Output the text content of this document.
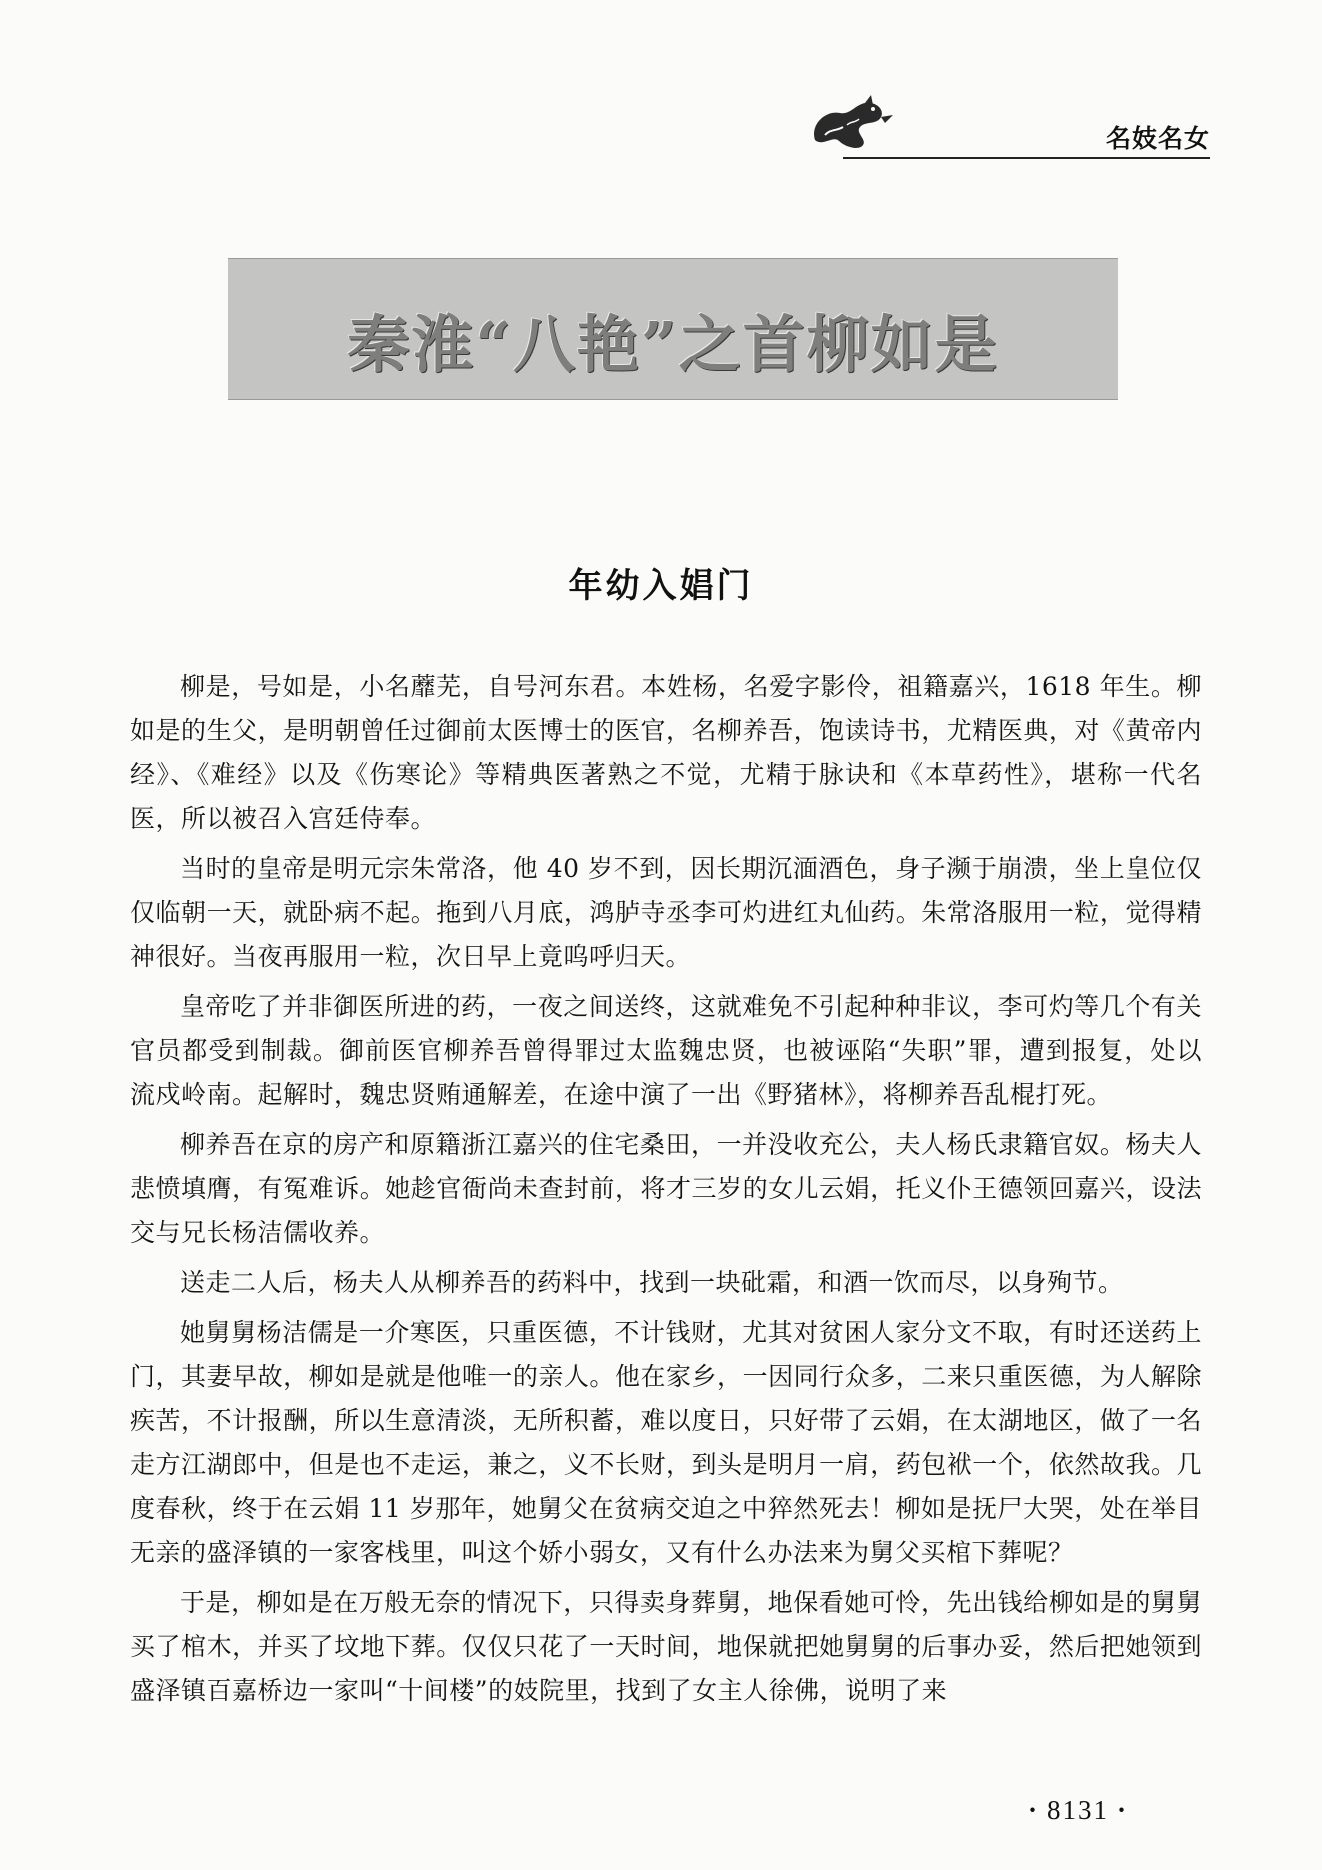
名妓名女
秦淮“八艳”之首柳如是
年幼入娼门

柳是，号如是，小名蘼芜，自号河东君。本姓杨，名爱字影伶，祖籍嘉兴，1618 年生。柳如是的生父，是明朝曾任过御前太医博士的医官，名柳养吾，饱读诗书，尤精医典，对《黄帝内经》、《难经》以及《伤寒论》等精典医著熟之不觉，尤精于脉诀和《本草药性》，堪称一代名医，所以被召入宫廷侍奉。

当时的皇帝是明元宗朱常洛，他 40 岁不到，因长期沉湎酒色，身子濒于崩溃，坐上皇位仅仅临朝一天，就卧病不起。拖到八月底，鸿胪寺丞李可灼进红丸仙药。朱常洛服用一粒，觉得精神很好。当夜再服用一粒，次日早上竟呜呼归天。

皇帝吃了并非御医所进的药，一夜之间送终，这就难免不引起种种非议，李可灼等几个有关官员都受到制裁。御前医官柳养吾曾得罪过太监魏忠贤，也被诬陷“失职”罪，遭到报复，处以流戍岭南。起解时，魏忠贤贿通解差，在途中演了一出《野猪林》，将柳养吾乱棍打死。

柳养吾在京的房产和原籍浙江嘉兴的住宅桑田，一并没收充公，夫人杨氏隶籍官奴。杨夫人悲愤填膺，有冤难诉。她趁官衙尚未查封前，将才三岁的女儿云娟，托义仆王德领回嘉兴，设法交与兄长杨洁儒收养。

送走二人后，杨夫人从柳养吾的药料中，找到一块砒霜，和酒一饮而尽，以身殉节。

她舅舅杨洁儒是一介寒医，只重医德，不计钱财，尤其对贫困人家分文不取，有时还送药上门，其妻早故，柳如是就是他唯一的亲人。他在家乡，一因同行众多，二来只重医德，为人解除疾苦，不计报酬，所以生意清淡，无所积蓄，难以度日，只好带了云娟，在太湖地区，做了一名走方江湖郎中，但是也不走运，兼之，义不长财，到头是明月一肩，药包袱一个，依然故我。几度春秋，终于在云娟 11 岁那年，她舅父在贫病交迫之中猝然死去！柳如是抚尸大哭，处在举目无亲的盛泽镇的一家客栈里，叫这个娇小弱女，又有什么办法来为舅父买棺下葬呢？

于是，柳如是在万般无奈的情况下，只得卖身葬舅，地保看她可怜，先出钱给柳如是的舅舅买了棺木，并买了坟地下葬。仅仅只花了一天时间，地保就把她舅舅的后事办妥，然后把她领到盛泽镇百嘉桥边一家叫“十间楼”的妓院里，找到了女主人徐佛，说明了来

· 8131 ·
